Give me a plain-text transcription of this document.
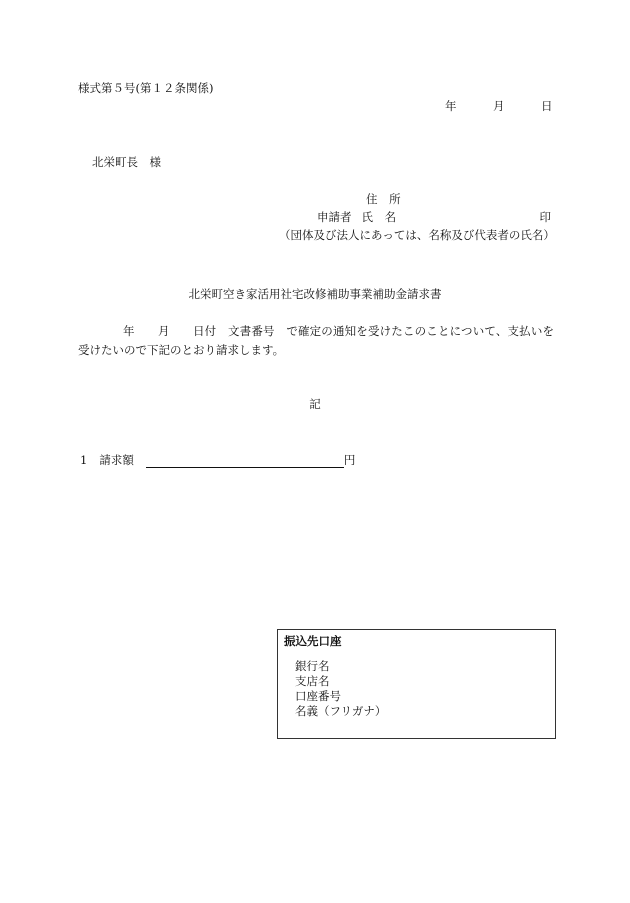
様式第５号(第１２条関係)
年	月	日
北栄町長　様
住 所
申請者 氏 名	印
（団体及び法人にあっては、名称及び代表者の氏名）
北栄町空き家活用社宅改修補助事業補助金請求書
年　　月　　日付　文書番号　で確定の通知を受けたこのことについて、支払いを受けたいので下記のとおり請求します。
記
1 請求額	円
振込先口座
銀行名
支店名
口座番号
名義（フリガナ）
